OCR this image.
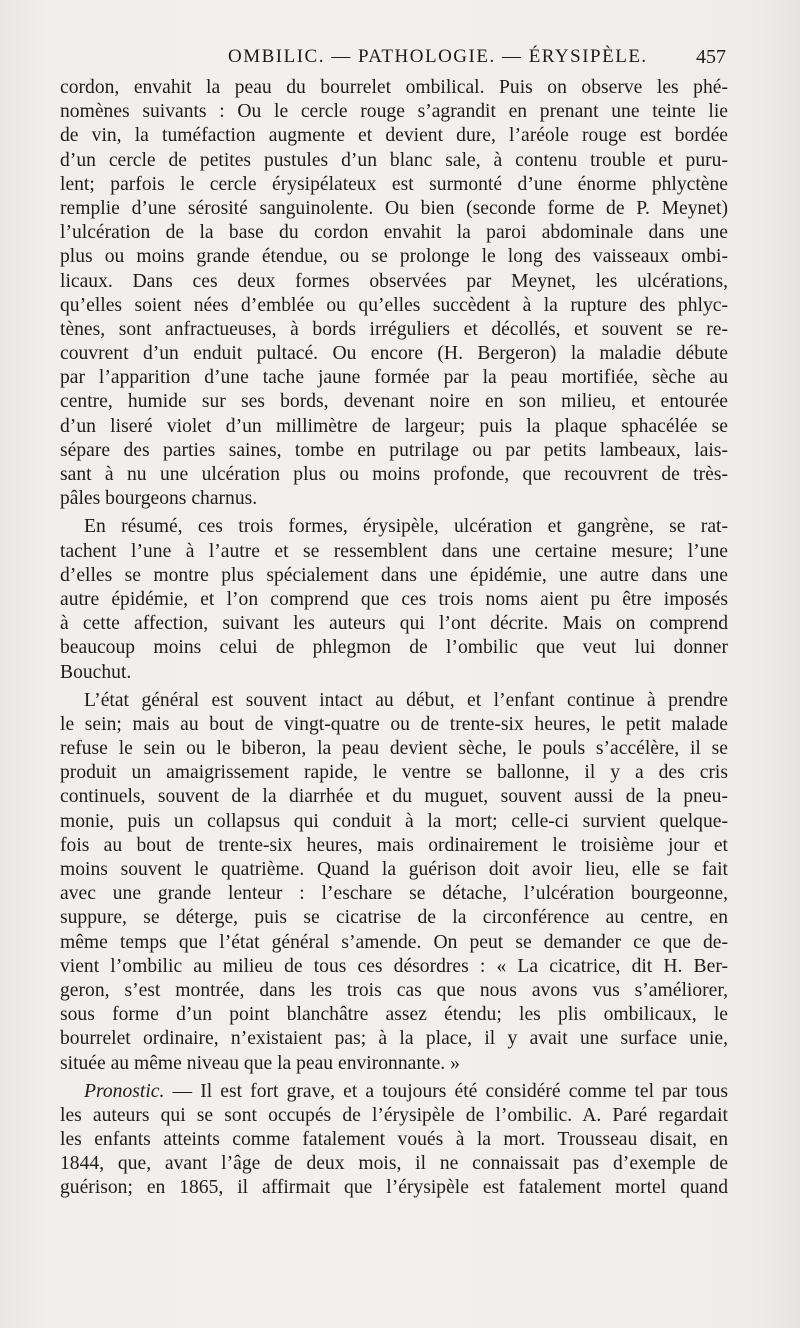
OMBILIC. — PATHOLOGIE. — ÉRYSIPÈLE. 457
cordon, envahit la peau du bourrelet ombilical. Puis on observe les phé-
nomènes suivants : Ou le cercle rouge s’agrandit en prenant une teinte lie
de vin, la tuméfaction augmente et devient dure, l’aréole rouge est bordée
d’un cercle de petites pustules d’un blanc sale, à contenu trouble et puru-
lent; parfois le cercle érysipélateux est surmonté d’une énorme phlyctène
remplie d’une sérosité sanguinolente. Ou bien (seconde forme de P. Meynet)
l’ulcération de la base du cordon envahit la paroi abdominale dans une
plus ou moins grande étendue, ou se prolonge le long des vaisseaux ombi-
licaux. Dans ces deux formes observées par Meynet, les ulcérations,
qu’elles soient nées d’emblée ou qu’elles succèdent à la rupture des phlyc-
tènes, sont anfractueuses, à bords irréguliers et décollés, et souvent se re-
couvrent d’un enduit pultacé. Ou encore (H. Bergeron) la maladie débute
par l’apparition d’une tache jaune formée par la peau mortifiée, sèche au
centre, humide sur ses bords, devenant noire en son milieu, et entourée
d’un liseré violet d’un millimètre de largeur; puis la plaque sphacélée se
sépare des parties saines, tombe en putrilage ou par petits lambeaux, lais-
sant à nu une ulcération plus ou moins profonde, que recouvrent de très-
pâles bourgeons charnus.
En résumé, ces trois formes, érysipèle, ulcération et gangrène, se rat-
tachent l’une à l’autre et se ressemblent dans une certaine mesure; l’une
d’elles se montre plus spécialement dans une épidémie, une autre dans une
autre épidémie, et l’on comprend que ces trois noms aient pu être imposés
à cette affection, suivant les auteurs qui l’ont décrite. Mais on comprend
beaucoup moins celui de phlegmon de l’ombilic que veut lui donner
Bouchut.
L’état général est souvent intact au début, et l’enfant continue à prendre
le sein; mais au bout de vingt-quatre ou de trente-six heures, le petit malade
refuse le sein ou le biberon, la peau devient sèche, le pouls s’accélère, il se
produit un amaigrissement rapide, le ventre se ballonne, il y a des cris
continuels, souvent de la diarrhée et du muguet, souvent aussi de la pneu-
monie, puis un collapsus qui conduit à la mort; celle-ci survient quelque-
fois au bout de trente-six heures, mais ordinairement le troisième jour et
moins souvent le quatrième. Quand la guérison doit avoir lieu, elle se fait
avec une grande lenteur : l’eschare se détache, l’ulcération bourgeonne,
suppure, se déterge, puis se cicatrise de la circonférence au centre, en
même temps que l’état général s’amende. On peut se demander ce que de-
vient l’ombilic au milieu de tous ces désordres : « La cicatrice, dit H. Ber-
geron, s’est montrée, dans les trois cas que nous avons vus s’améliorer,
sous forme d’un point blanchâtre assez étendu; les plis ombilicaux, le
bourrelet ordinaire, n’existaient pas; à la place, il y avait une surface unie,
située au même niveau que la peau environnante. »
Pronostic. — Il est fort grave, et a toujours été considéré comme tel par tous
les auteurs qui se sont occupés de l’érysipèle de l’ombilic. A. Paré regardait
les enfants atteints comme fatalement voués à la mort. Trousseau disait, en
1844, que, avant l’âge de deux mois, il ne connaissait pas d’exemple de
guérison; en 1865, il affirmait que l’érysipèle est fatalement mortel quand
